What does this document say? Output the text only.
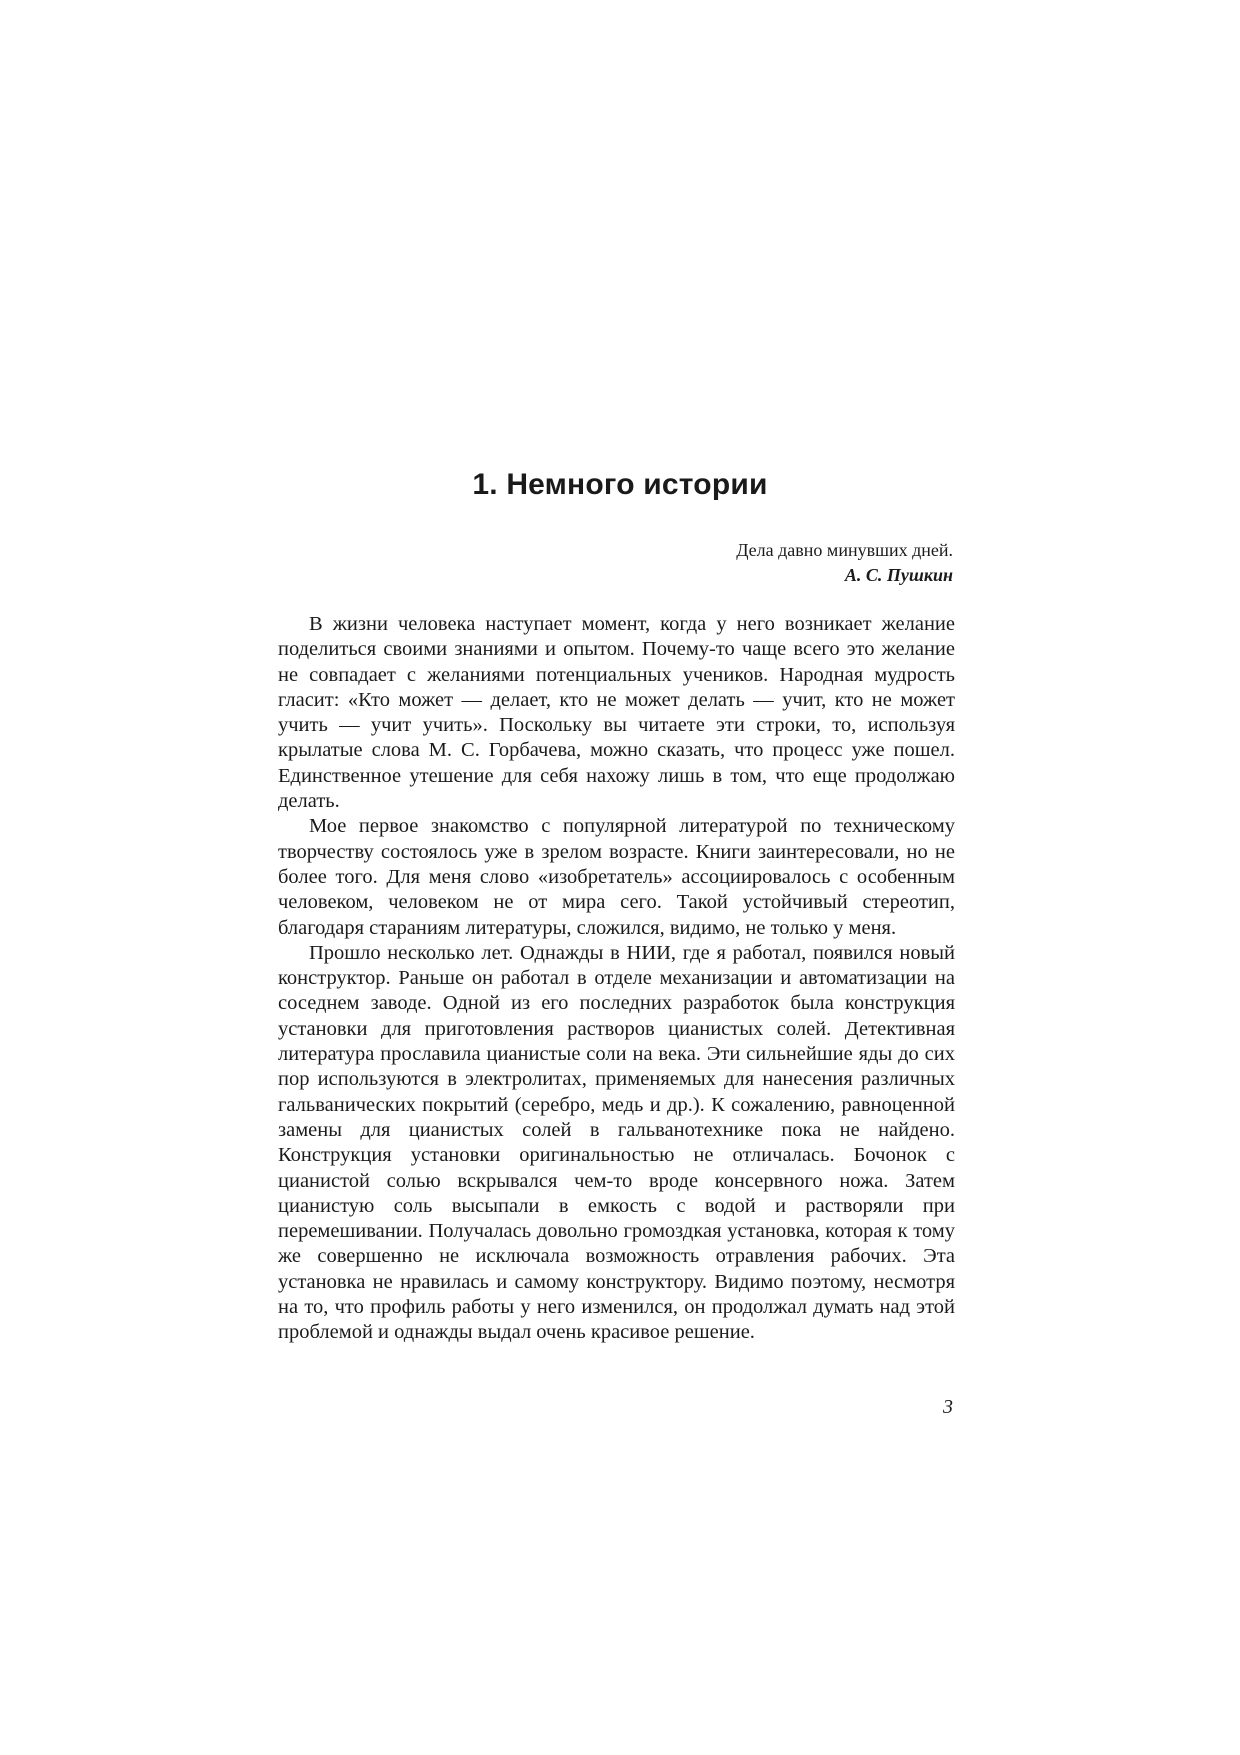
1. Немного истории
Дела давно минувших дней.
А. С. Пушкин

В жизни человека наступает момент, когда у него возникает желание поделиться своими знаниями и опытом. Почему-то чаще всего это желание не совпадает с желаниями потенциальных учеников. Народная мудрость гласит: «Кто может — делает, кто не может делать — учит, кто не может учить — учит учить». Поскольку вы читаете эти строки, то, используя крылатые слова М. С. Горбачева, можно сказать, что процесс уже пошел. Единственное утешение для себя нахожу лишь в том, что еще продолжаю делать.

Мое первое знакомство с популярной литературой по техническому творчеству состоялось уже в зрелом возрасте. Книги заинтересовали, но не более того. Для меня слово «изобретатель» ассоциировалось с особенным человеком, человеком не от мира сего. Такой устойчивый стереотип, благодаря стараниям литературы, сложился, видимо, не только у меня.

Прошло несколько лет. Однажды в НИИ, где я работал, появился новый конструктор. Раньше он работал в отделе механизации и автоматизации на соседнем заводе. Одной из его последних разработок была конструкция установки для приготовления растворов цианистых солей. Детективная литература прославила цианистые соли на века. Эти сильнейшие яды до сих пор используются в электролитах, применяемых для нанесения различных гальванических покрытий (серебро, медь и др.). К сожалению, равноценной замены для цианистых солей в гальванотехнике пока не найдено. Конструкция установки оригинальностью не отличалась. Бочонок с цианистой солью вскрывался чем-то вроде консервного ножа. Затем цианистую соль высыпали в емкость с водой и растворяли при перемешивании. Получалась довольно громоздкая установка, которая к тому же совершенно не исключала возможность отравления рабочих. Эта установка не нравилась и самому конструктору. Видимо поэтому, несмотря на то, что профиль работы у него изменился, он продолжал думать над этой проблемой и однажды выдал очень красивое решение.

3
